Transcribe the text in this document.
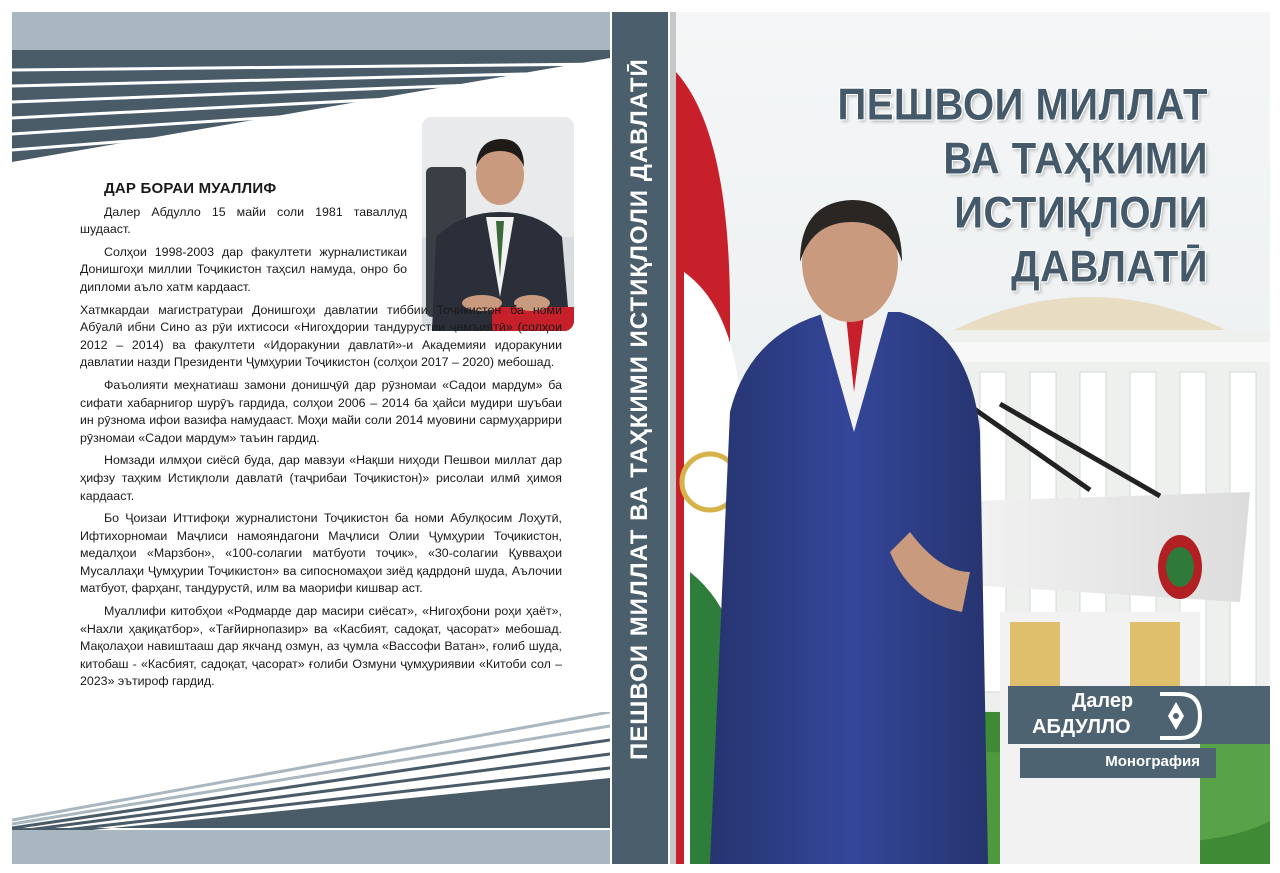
ДАР БОРАИ МУАЛЛИФ

Далер Абдулло 15 майи соли 1981 таваллуд шудааст.

Солҳои 1998-2003 дар факултети журналистикаи Донишгоҳи миллии Тоҷикистон таҳсил намуда, онро бо дипломи аъло хатм кардааст.

Хатмкардаи магистратураи Донишгоҳи давлатии тиббии Тоҷикистон ба номи Абӯалӣ ибни Сино аз рӯи ихтисоси «Нигоҳдории тандурустии ҷамъиятӣ» (солҳои 2012 – 2014) ва факултети «Идоракунии давлатӣ»-и Академияи идоракунии давлатии назди Президенти Ҷумҳурии Тоҷикистон (солҳои 2017 – 2020) мебошад.

Фаъолияти меҳнатиаш замони донишҷӯӣ дар рӯзномаи «Садои мардум» ба сифати хабарнигор шурӯъ гардида, солҳои 2006 – 2014 ба ҳайси мудири шуъбаи ин рӯзнома ифои вазифа намудааст. Моҳи майи соли 2014 муовини сармуҳаррири рӯзномаи «Садои мардум» таъин гардид.

Номзади илмҳои сиёсӣ буда, дар мавзуи «Нақши ниҳоди Пешвои миллат дар ҳифзу таҳким Истиқлоли давлатӣ (таҷрибаи Тоҷикистон)» рисолаи илмӣ ҳимоя кардааст.

Бо Ҷоизаи Иттифоқи журналистони Тоҷикистон ба номи Абулқосим Лоҳутӣ, Ифтихорномаи Маҷлиси намояндагони Маҷлиси Олии Ҷумҳурии Тоҷикистон, медалҳои «Марзбон», «100-солагии матбуоти тоҷик», «30-солагии Қувваҳои Мусаллаҳи Ҷумҳурии Тоҷикистон» ва сипосномаҳои зиёд қадрдонӣ шуда, Аълочии матбуот, фарҳанг, тандурустӣ, илм ва маорифи кишвар аст.

Муаллифи китобҳои «Родмарде дар масири сиёсат», «Нигоҳбони роҳи ҳаёт», «Нахли ҳақиқатбор», «Тағйирнопазир» ва «Касбият, садоқат, ҷасорат» мебошад. Мақолаҳои навиштааш дар якчанд озмун, аз ҷумла «Вассофи Ватан», ғолиб шуда, китобаш - «Касбият, садоқат, ҷасорат» ғолиби Озмуни ҷумҳуриявии «Китоби сол – 2023» эътироф гардид.	ПЕШВОИ МИЛЛАТ ВА ТАҲКИМИ ИСТИҚЛОЛИ ДАВЛАТӢ	ПЕШВОИ МИЛЛАТ
ВА ТАҲКИМИ
ИСТИҚЛОЛИ
ДАВЛАТӢ
Далер
АБДУЛЛО
Монография
